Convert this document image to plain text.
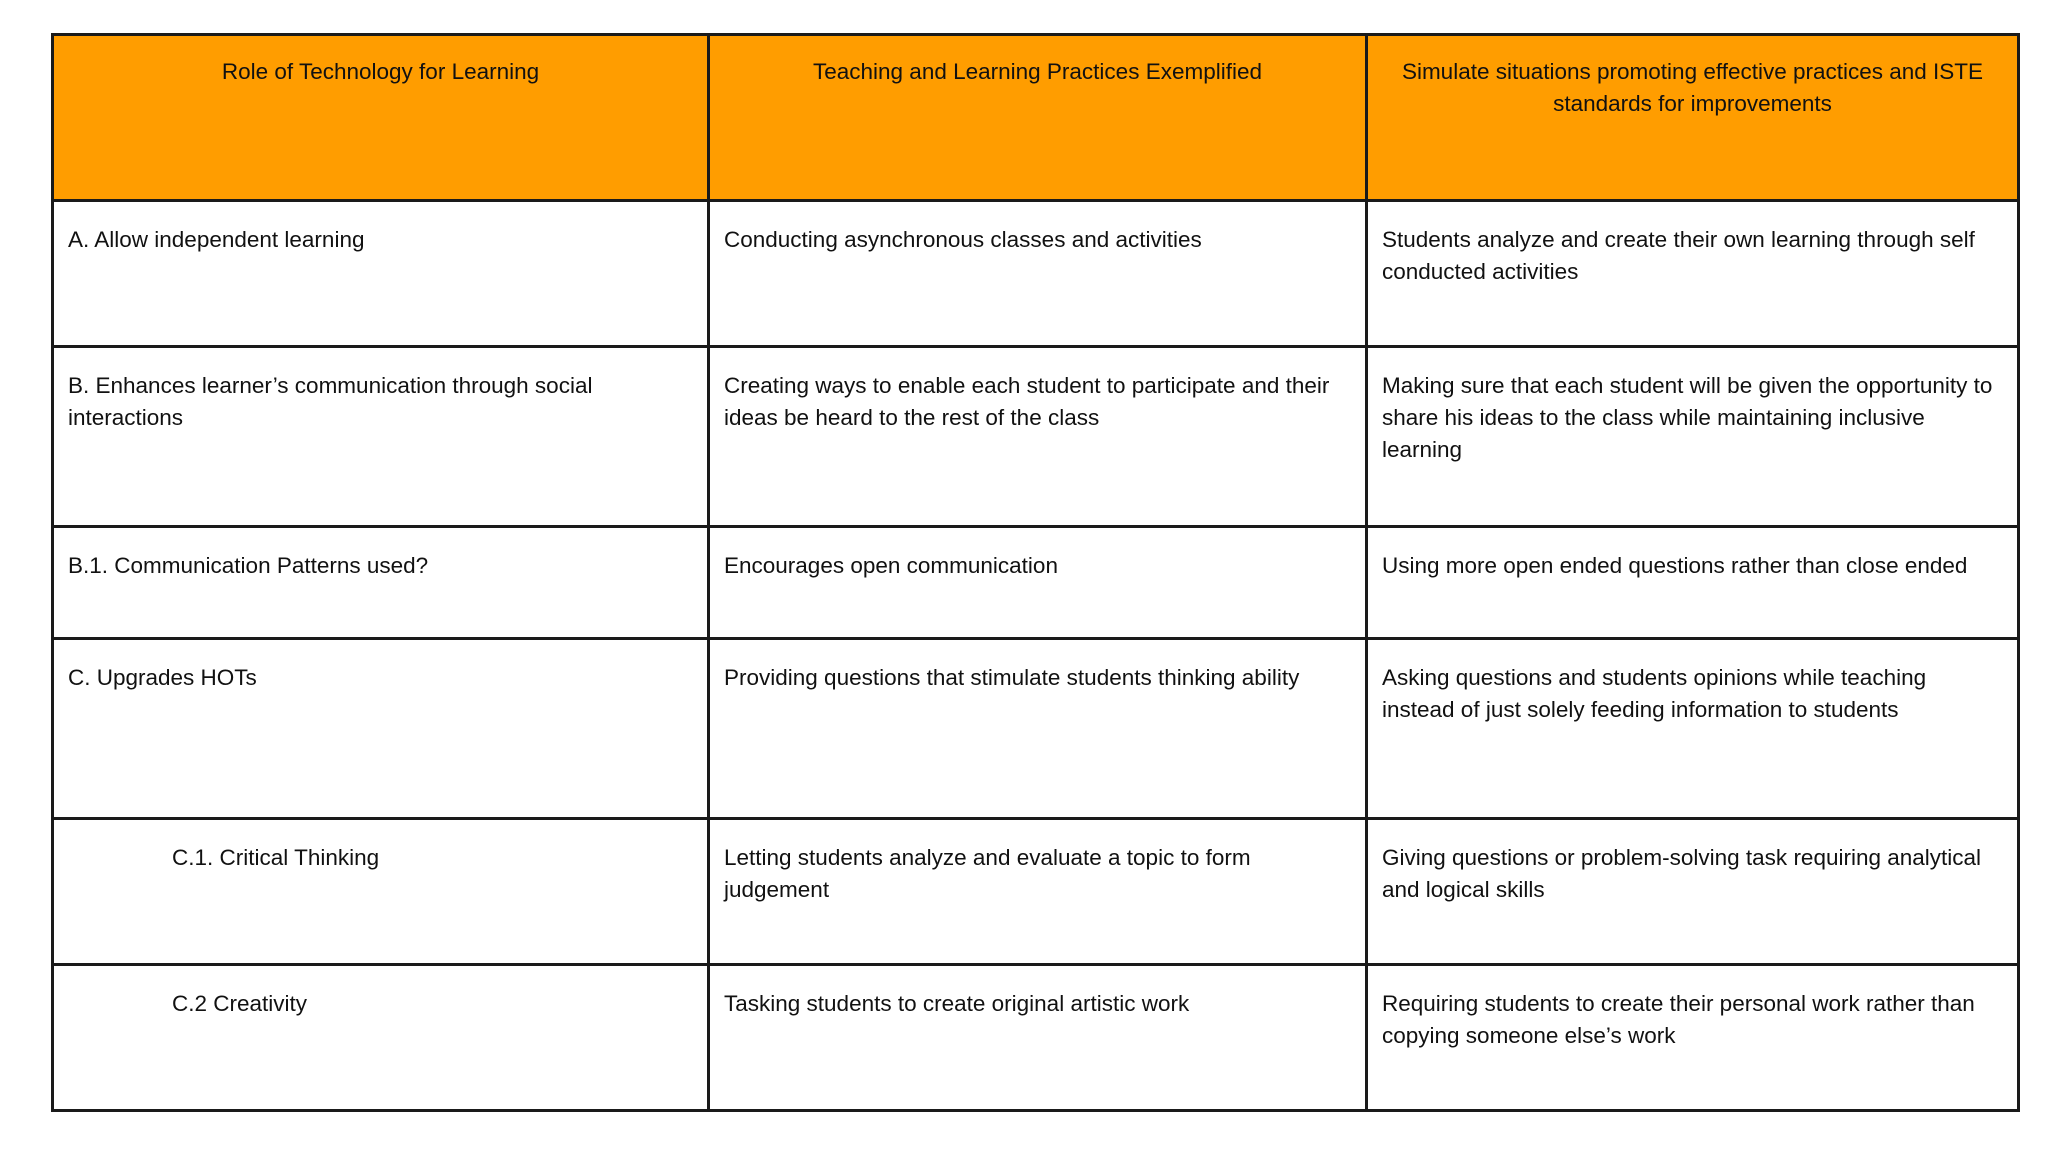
Role of Technology for Learning	Teaching and Learning Practices Exemplified	Simulate situations promoting effective practices and ISTE standards for improvements
A. Allow independent learning	Conducting asynchronous classes and activities	Students analyze and create their own learning through self conducted activities
B. Enhances learner’s communication through social interactions	Creating ways to enable each student to participate and their ideas be heard to the rest of the class	Making sure that each student will be given the opportunity to share his ideas to the class while maintaining inclusive learning
B.1. Communication Patterns used?	Encourages open communication	Using more open ended questions rather than close ended
C. Upgrades HOTs	Providing questions that stimulate students thinking ability	Asking questions and students opinions while teaching instead of just solely feeding information to students
C.1. Critical Thinking	Letting students analyze and evaluate a topic to form judgement	Giving questions or problem-solving task requiring analytical and logical skills
C.2 Creativity	Tasking students to create original artistic work	Requiring students to create their personal work rather than copying someone else’s work
